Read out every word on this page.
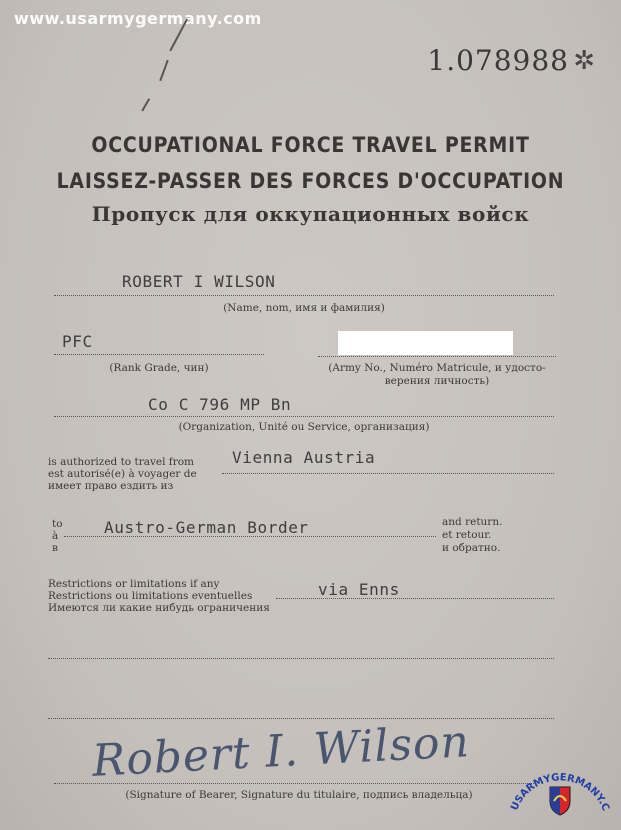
www.usarmygermany.com
1.078988 ✲
OCCUPATIONAL FORCE TRAVEL PERMIT
LAISSEZ-PASSER DES FORCES D'OCCUPATION
Пропуск для оккупационных войск
ROBERT I WILSON
(Name, nom, имя и фамилия)
PFC
(Rank Grade, чин)	(Army No., Numéro Matricule, и удосто-
верения личность)
Co C 796 MP Bn
(Organization, Unité ou Service, организация)
is authorized to travel from
est autorisé(e) à voyager de
имеет право ездить из
Vienna Austria
to
à
в
Austro-German Border	and return.
et retour.
и обратно.
Restrictions or limitations if any
Restrictions ou limitations eventuelles
Имеются ли какие нибудь ограничения
via Enns
Robert I. Wilson
(Signature of Bearer, Signature du titulaire, подпись владельца)
USARMYGERMANY.C
